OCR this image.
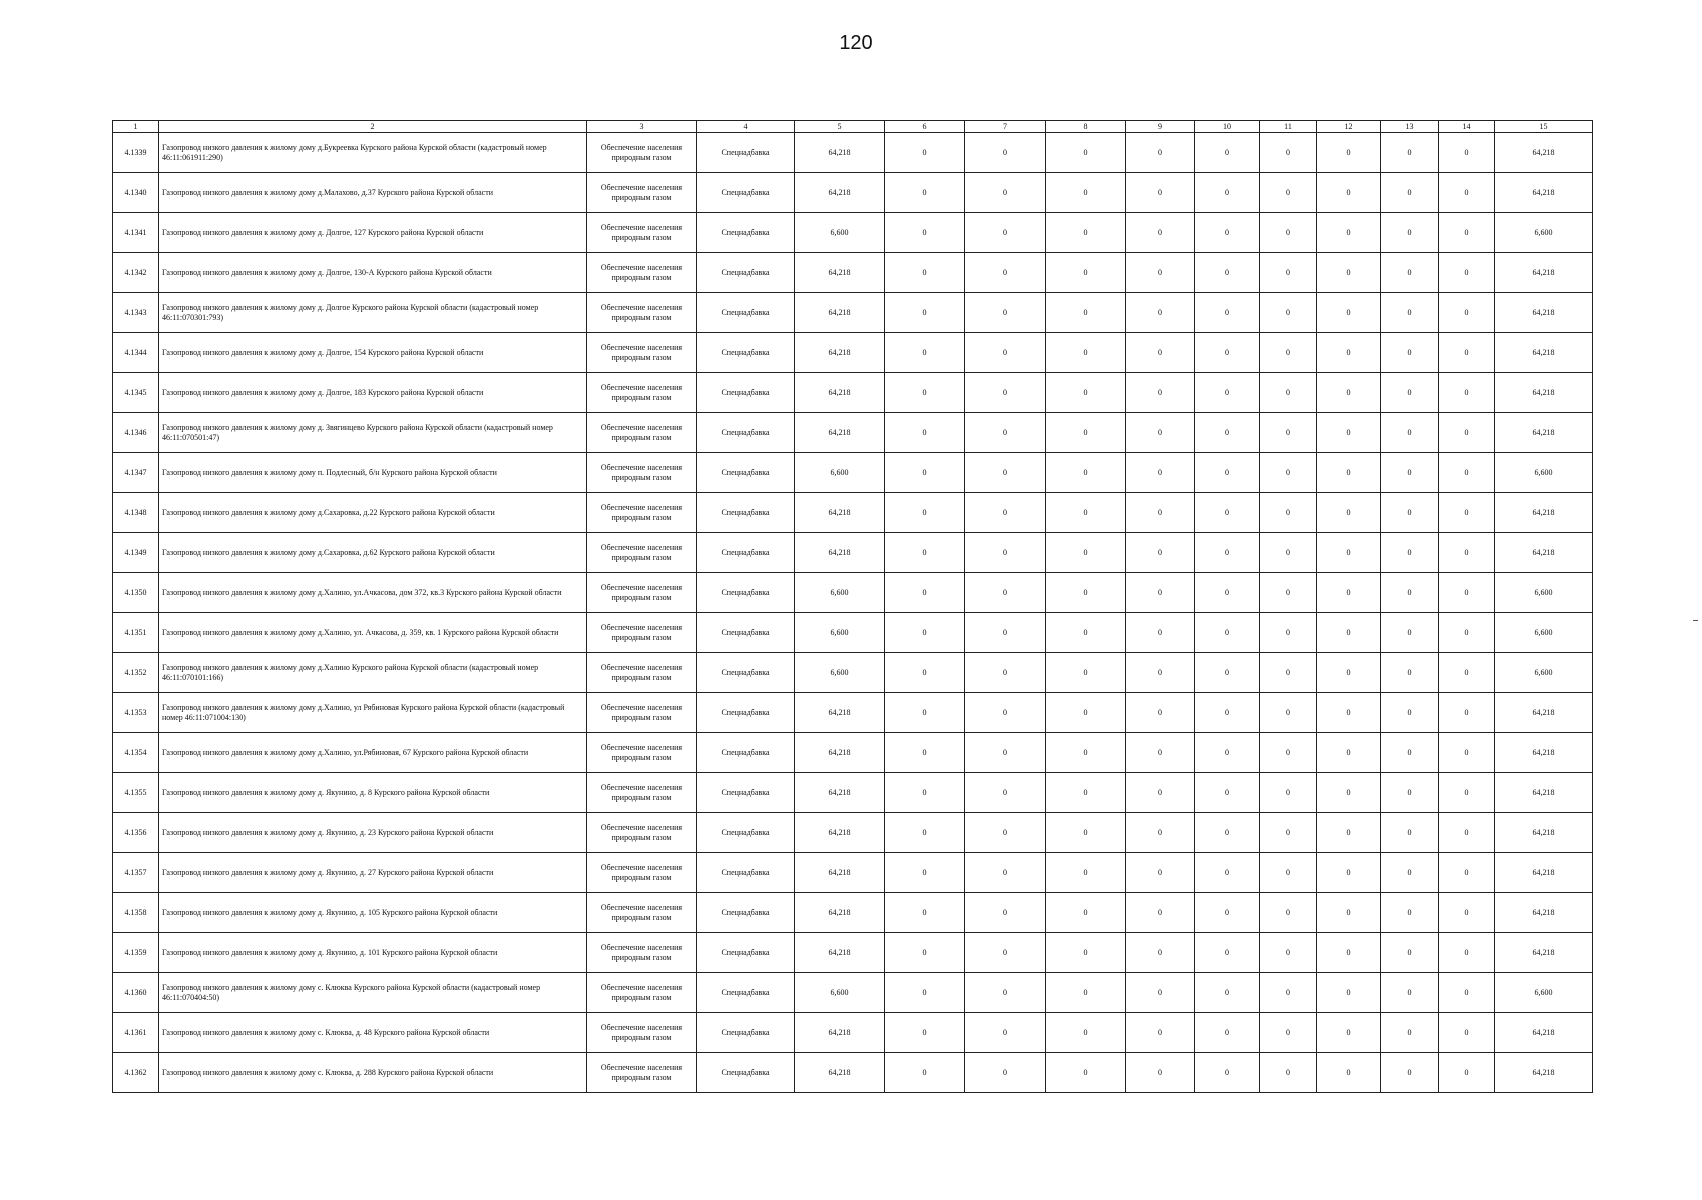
120
1	2	3	4	5	6	7	8	9	10	11	12	13	14	15
4.1339	Газопровод низкого давления к жилому дому д.Букреевка Курского района Курской области (кадастровый номер 46:11:061911:290)	Обеспечение населения природным газом	Спецнадбавка	64,218	0	0	0	0	0	0	0	0	0	64,218
4.1340	Газопровод низкого давления к жилому дому д.Малахово, д.37 Курского района Курской области	Обеспечение населения природным газом	Спецнадбавка	64,218	0	0	0	0	0	0	0	0	0	64,218
4.1341	Газопровод низкого давления к жилому дому д. Долгое, 127 Курского района Курской области	Обеспечение населения природным газом	Спецнадбавка	6,600	0	0	0	0	0	0	0	0	0	6,600
4.1342	Газопровод низкого давления к жилому дому д. Долгое, 130-А Курского района Курской области	Обеспечение населения природным газом	Спецнадбавка	64,218	0	0	0	0	0	0	0	0	0	64,218
4.1343	Газопровод низкого давления к жилому дому д. Долгое Курского района Курской области (кадастровый номер 46:11:070301:793)	Обеспечение населения природным газом	Спецнадбавка	64,218	0	0	0	0	0	0	0	0	0	64,218
4.1344	Газопровод низкого давления к жилому дому д. Долгое, 154 Курского района Курской области	Обеспечение населения природным газом	Спецнадбавка	64,218	0	0	0	0	0	0	0	0	0	64,218
4.1345	Газопровод низкого давления к жилому дому д. Долгое, 183 Курского района Курской области	Обеспечение населения природным газом	Спецнадбавка	64,218	0	0	0	0	0	0	0	0	0	64,218
4.1346	Газопровод низкого давления к жилому дому д. Звягинцево Курского района Курской области (кадастровый номер 46:11:070501:47)	Обеспечение населения природным газом	Спецнадбавка	64,218	0	0	0	0	0	0	0	0	0	64,218
4.1347	Газопровод низкого давления к жилому дому п. Подлесный, б/н Курского района Курской области	Обеспечение населения природным газом	Спецнадбавка	6,600	0	0	0	0	0	0	0	0	0	6,600
4.1348	Газопровод низкого давления к жилому дому д.Сахаровка, д.22 Курского района Курской области	Обеспечение населения природным газом	Спецнадбавка	64,218	0	0	0	0	0	0	0	0	0	64,218
4.1349	Газопровод низкого давления к жилому дому д.Сахаровка, д.62 Курского района Курской области	Обеспечение населения природным газом	Спецнадбавка	64,218	0	0	0	0	0	0	0	0	0	64,218
4.1350	Газопровод низкого давления к жилому дому д.Халино, ул.Ачкасова, дом 372, кв.3 Курского района Курской области	Обеспечение населения природным газом	Спецнадбавка	6,600	0	0	0	0	0	0	0	0	0	6,600
4.1351	Газопровод низкого давления к жилому дому д.Халино, ул. Ачкасова, д. 359, кв. 1 Курского района Курской области	Обеспечение населения природным газом	Спецнадбавка	6,600	0	0	0	0	0	0	0	0	0	6,600
4.1352	Газопровод низкого давления к жилому дому д.Халино Курского района Курской области (кадастровый номер 46:11:070101:166)	Обеспечение населения природным газом	Спецнадбавка	6,600	0	0	0	0	0	0	0	0	0	6,600
4.1353	Газопровод низкого давления к жилому дому д.Халино, ул Рябиновая Курского района Курской области (кадастровый номер 46:11:071004:130)	Обеспечение населения природным газом	Спецнадбавка	64,218	0	0	0	0	0	0	0	0	0	64,218
4.1354	Газопровод низкого давления к жилому дому д.Халино, ул.Рябиновая, 67 Курского района Курской области	Обеспечение населения природным газом	Спецнадбавка	64,218	0	0	0	0	0	0	0	0	0	64,218
4.1355	Газопровод низкого давления к жилому дому д. Якунино, д. 8 Курского района Курской области	Обеспечение населения природным газом	Спецнадбавка	64,218	0	0	0	0	0	0	0	0	0	64,218
4.1356	Газопровод низкого давления к жилому дому д. Якунино, д. 23 Курского района Курской области	Обеспечение населения природным газом	Спецнадбавка	64,218	0	0	0	0	0	0	0	0	0	64,218
4.1357	Газопровод низкого давления к жилому дому д. Якунино, д. 27 Курского района Курской области	Обеспечение населения природным газом	Спецнадбавка	64,218	0	0	0	0	0	0	0	0	0	64,218
4.1358	Газопровод низкого давления к жилому дому д. Якунино, д. 105 Курского района Курской области	Обеспечение населения природным газом	Спецнадбавка	64,218	0	0	0	0	0	0	0	0	0	64,218
4.1359	Газопровод низкого давления к жилому дому д. Якунино, д. 101 Курского района Курской области	Обеспечение населения природным газом	Спецнадбавка	64,218	0	0	0	0	0	0	0	0	0	64,218
4.1360	Газопровод низкого давления к жилому дому с. Клюква Курского района Курской области (кадастровый номер 46:11:070404:50)	Обеспечение населения природным газом	Спецнадбавка	6,600	0	0	0	0	0	0	0	0	0	6,600
4.1361	Газопровод низкого давления к жилому дому с. Клюква, д. 48 Курского района Курской области	Обеспечение населения природным газом	Спецнадбавка	64,218	0	0	0	0	0	0	0	0	0	64,218
4.1362	Газопровод низкого давления к жилому дому с. Клюква, д. 288 Курского района Курской области	Обеспечение населения природным газом	Спецнадбавка	64,218	0	0	0	0	0	0	0	0	0	64,218
